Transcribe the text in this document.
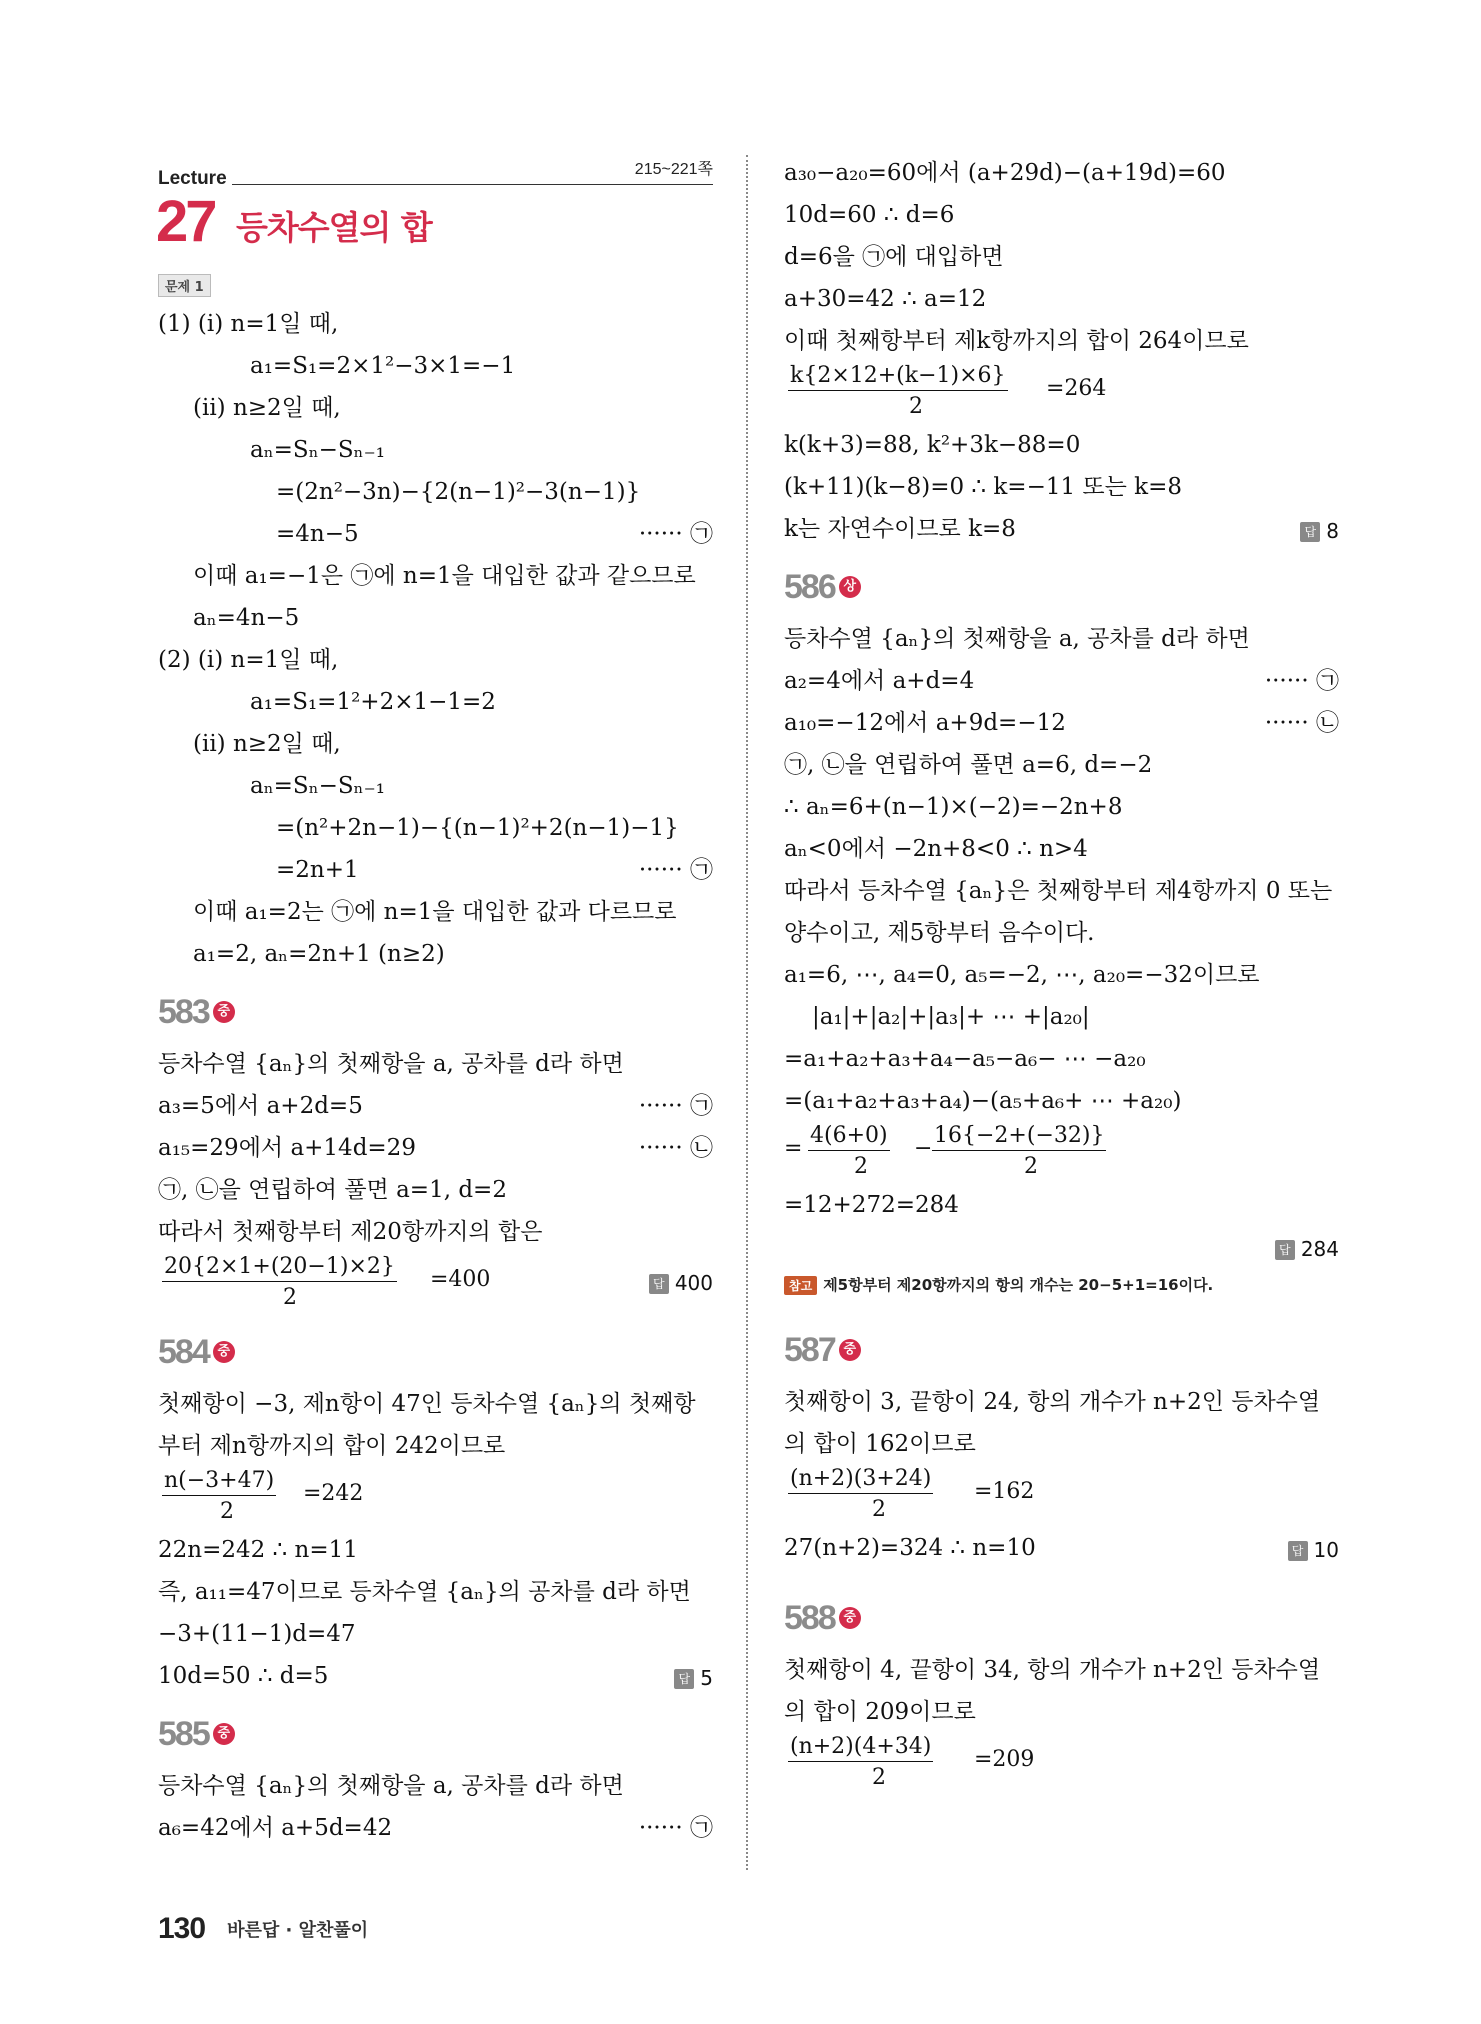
Lecture	215~221쪽
27 등차수열의 합
문제 1
(1) (i) n=1일 때,
a₁=S₁=2×1²−3×1=−1
(ii) n≥2일 때,
aₙ=Sₙ−Sₙ₋₁
=(2n²−3n)−{2(n−1)²−3(n−1)}
=4n−5	······ ㉠
이때 a₁=−1은 ㉠에 n=1을 대입한 값과 같으므로
aₙ=4n−5
(2) (i) n=1일 때,
a₁=S₁=1²+2×1−1=2
(ii) n≥2일 때,
aₙ=Sₙ−Sₙ₋₁
=(n²+2n−1)−{(n−1)²+2(n−1)−1}
=2n+1	······ ㉠
이때 a₁=2는 ㉠에 n=1을 대입한 값과 다르므로
a₁=2, aₙ=2n+1 (n≥2)
583 중
등차수열 {aₙ}의 첫째항을 a, 공차를 d라 하면
a₃=5에서 a+2d=5	······ ㉠
a₁₅=29에서 a+14d=29	······ ㉡
㉠, ㉡을 연립하여 풀면 a=1, d=2
따라서 첫째항부터 제20항까지의 합은
20{2×1+(20−1)×2}
2
=400	답 400
584 중
첫째항이 −3, 제n항이 47인 등차수열 {aₙ}의 첫째항
부터 제n항까지의 합이 242이므로
n(−3+47)
2
=242
22n=242 ∴ n=11
즉, a₁₁=47이므로 등차수열 {aₙ}의 공차를 d라 하면
−3+(11−1)d=47
10d=50 ∴ d=5	답 5
585 중
등차수열 {aₙ}의 첫째항을 a, 공차를 d라 하면
a₆=42에서 a+5d=42	······ ㉠
a₃₀−a₂₀=60에서 (a+29d)−(a+19d)=60
10d=60 ∴ d=6
d=6을 ㉠에 대입하면
a+30=42 ∴ a=12
이때 첫째항부터 제k항까지의 합이 264이므로
k{2×12+(k−1)×6}
2
=264
k(k+3)=88, k²+3k−88=0
(k+11)(k−8)=0 ∴ k=−11 또는 k=8
k는 자연수이므로 k=8	답 8
586 상
등차수열 {aₙ}의 첫째항을 a, 공차를 d라 하면
a₂=4에서 a+d=4	······ ㉠
a₁₀=−12에서 a+9d=−12	······ ㉡
㉠, ㉡을 연립하여 풀면 a=6, d=−2
∴ aₙ=6+(n−1)×(−2)=−2n+8
aₙ<0에서 −2n+8<0 ∴ n>4
따라서 등차수열 {aₙ}은 첫째항부터 제4항까지 0 또는
양수이고, 제5항부터 음수이다.
a₁=6, ⋯, a₄=0, a₅=−2, ⋯, a₂₀=−32이므로
|a₁|+|a₂|+|a₃|+ ⋯ +|a₂₀|
=a₁+a₂+a₃+a₄−a₅−a₆− ⋯ −a₂₀
=(a₁+a₂+a₃+a₄)−(a₅+a₆+ ⋯ +a₂₀)
=
4(6+0)
2
−
16{−2+(−32)}
2
=12+272=284
답 284
참고 제5항부터 제20항까지의 항의 개수는 20−5+1=16이다.
587 중
첫째항이 3, 끝항이 24, 항의 개수가 n+2인 등차수열
의 합이 162이므로
(n+2)(3+24)
2
=162
27(n+2)=324 ∴ n=10	답 10
588 중
첫째항이 4, 끝항이 34, 항의 개수가 n+2인 등차수열
의 합이 209이므로
(n+2)(4+34)
2
=209
130 바른답 · 알찬풀이
